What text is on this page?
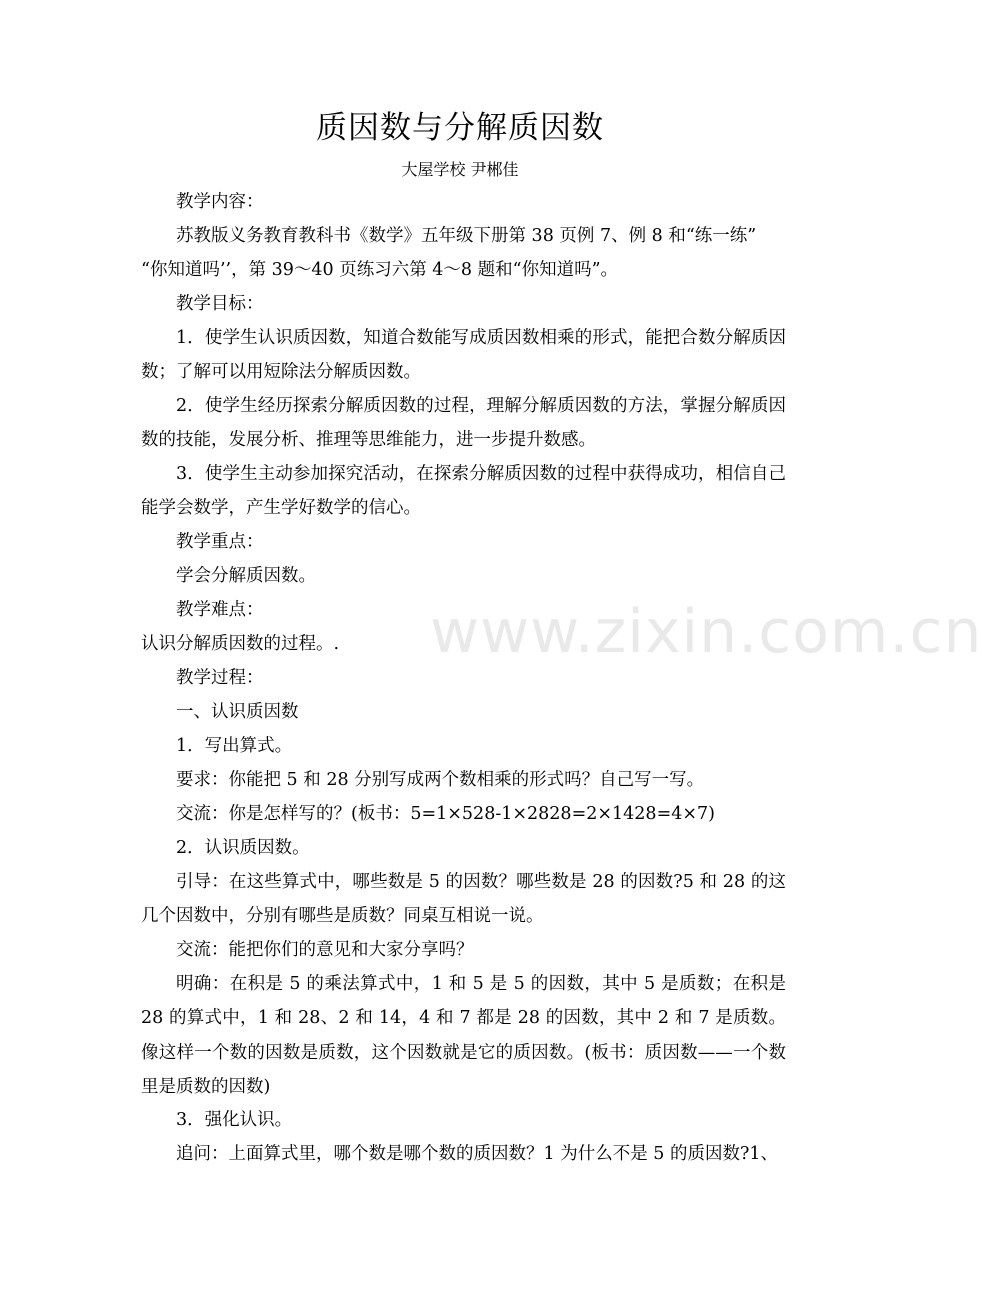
质因数与分解质因数
大屋学校 尹郴佳
教学内容：
苏教版义务教育教科书《数学》五年级下册第 38 页例 7、例 8 和“练一练”
“你知道吗’’，第 39～40 页练习六第 4～8 题和“你知道吗”。
教学目标：
1．使学生认识质因数，知道合数能写成质因数相乘的形式，能把合数分解质因数；了解可以用短除法分解质因数。
2．使学生经历探索分解质因数的过程，理解分解质因数的方法，掌握分解质因数的技能，发展分析、推理等思维能力，进一步提升数感。
3．使学生主动参加探究活动，在探索分解质因数的过程中获得成功，相信自己能学会数学，产生学好数学的信心。
教学重点：
学会分解质因数。
教学难点：
认识分解质因数的过程。.
教学过程：
一、认识质因数
1．写出算式。
要求：你能把 5 和 28 分别写成两个数相乘的形式吗？自己写一写。
交流：你是怎样写的？(板书：5=1×528-1×2828=2×1428=4×7)
2．认识质因数。
引导：在这些算式中，哪些数是 5 的因数？哪些数是 28 的因数?5 和 28 的这几个因数中，分别有哪些是质数？同桌互相说一说。
交流：能把你们的意见和大家分享吗？
明确：在积是 5 的乘法算式中，1 和 5 是 5 的因数，其中 5 是质数；在积是 28 的算式中，1 和 28、2 和 14，4 和 7 都是 28 的因数，其中 2 和 7 是质数。像这样一个数的因数是质数，这个因数就是它的质因数。(板书：质因数——一个数里是质数的因数)
3．强化认识。
追问：上面算式里，哪个数是哪个数的质因数？1 为什么不是 5 的质因数?1、
www.zixin.com.cn
